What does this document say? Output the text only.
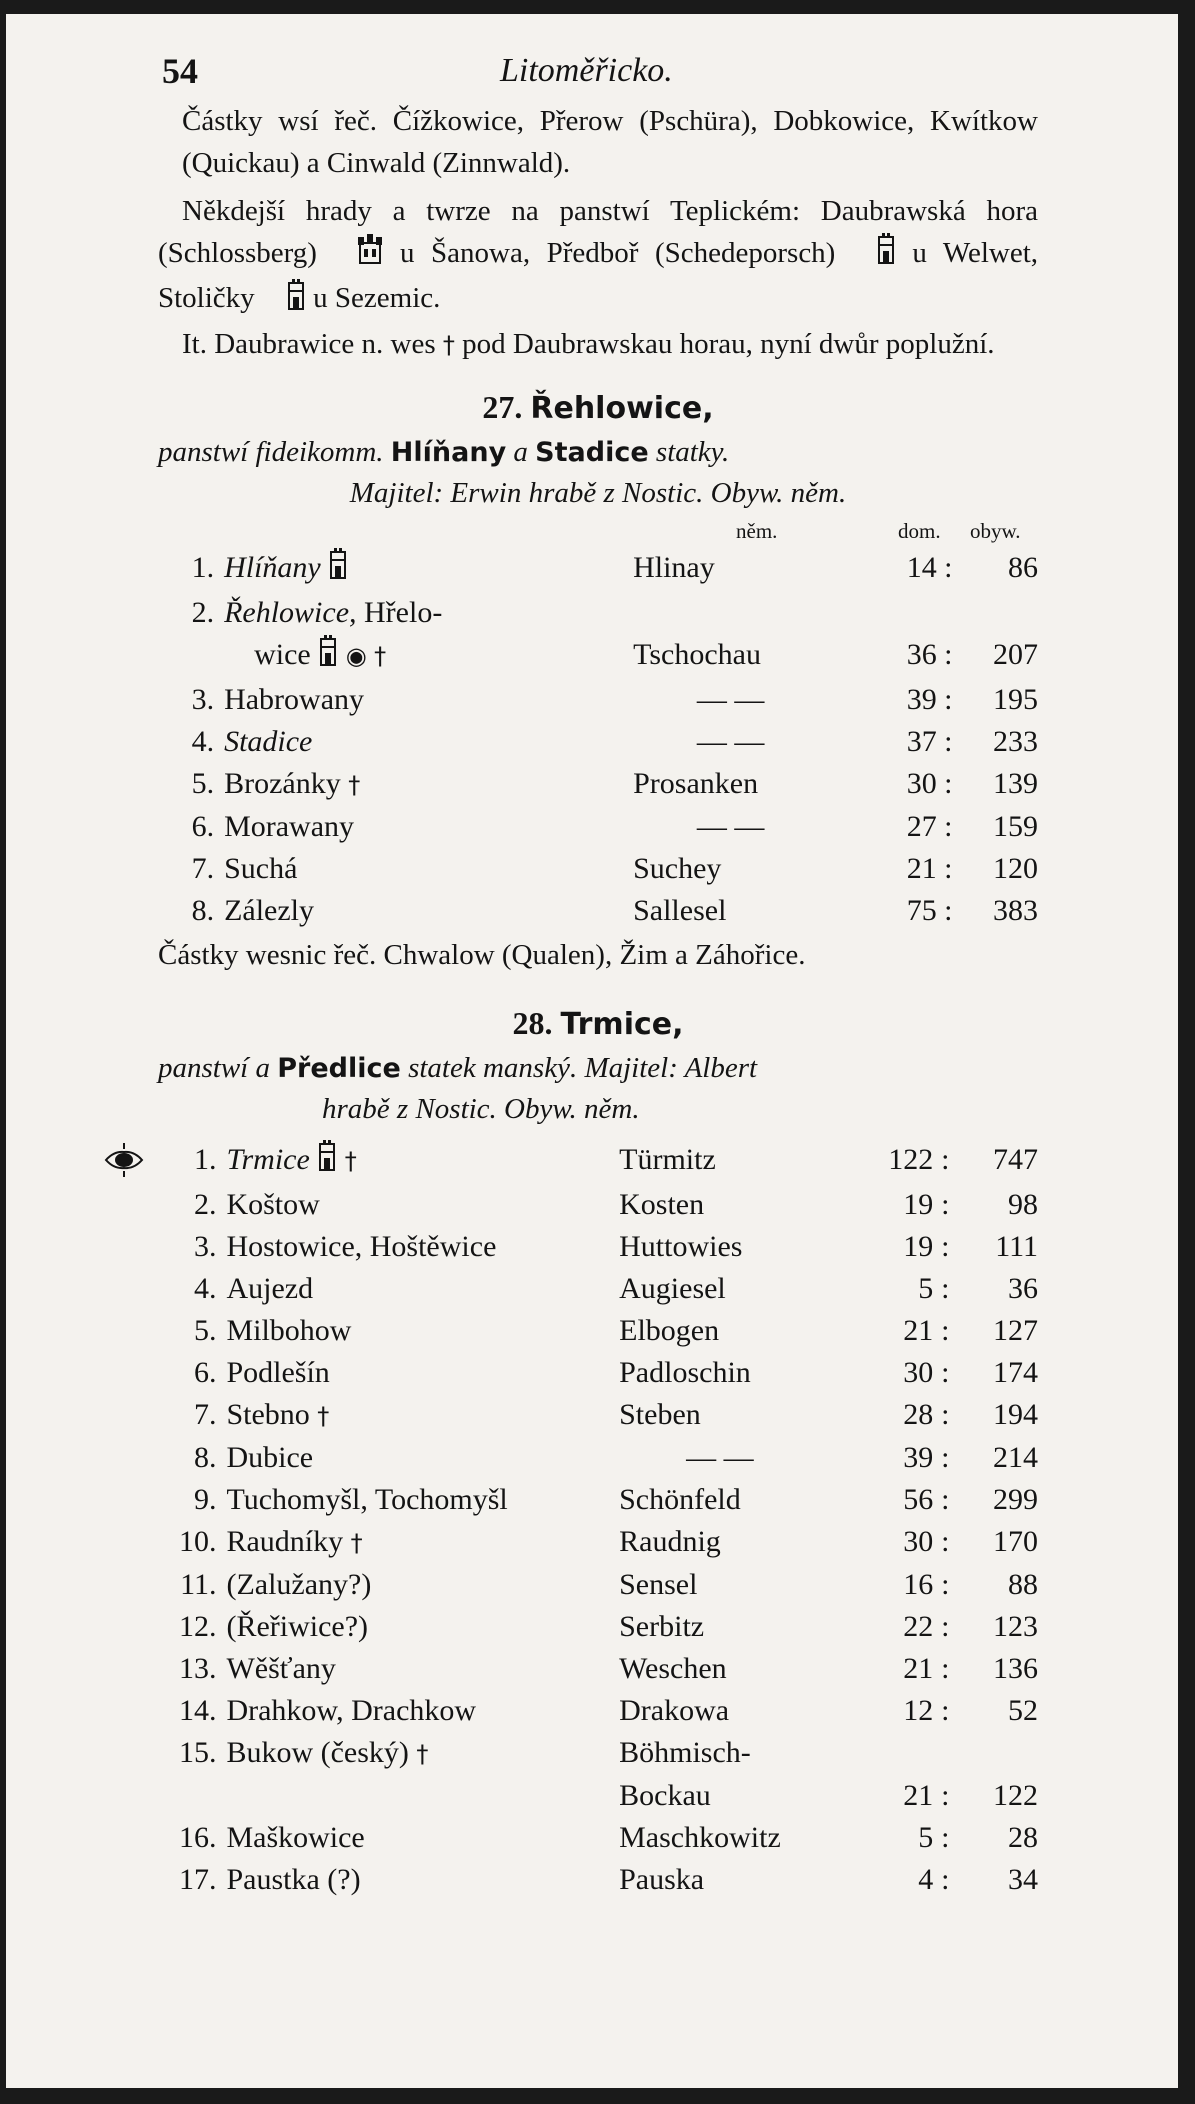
54	Litoměřicko.

Částky wsí řeč. Čížkowice, Přerow (Pschüra), Dobkowice, Kwítkow (Quickau) a Cinwald (Zinnwald).

Někdejší hrady a twrze na panstwí Teplickém: Daubrawská hora (Schlossberg)	u Šanowa, Předboř (Schedeporsch)	u Welwet, Stoličky u Sezemic.

It. Daubrawice n. wes † pod Daubrawskau horau, nyní dwůr poplužní.

27. Řehlowice,
panstwí fideikomm. Hlíňany a Stadice statky.
Majitel: Erwin hrabě z Nostic. Obyw. něm.
něm.	dom. obyw.
1.	Hlíňany	Hlinay	14	:	86
2.	Řehlowice, Hřelo-				
	wice ◉ †	Tschochau	36	:	207
3.	Habrowany	— —	39	:	195
4.	Stadice	— —	37	:	233
5.	Brozánky †	Prosanken	30	:	139
6.	Morawany	— —	27	:	159
7.	Suchá	Suchey	21	:	120
8.	Zálezly	Sallesel	75	:	383
Částky wesnic řeč. Chwalow (Qualen), Žim a Záhořice.
28. Trmice,
panstwí a Předlice statek manský. Majitel: Albert
hrabě z Nostic. Obyw. něm.
1.	Trmice †	Türmitz	122	:	747
2.	Koštow	Kosten	19	:	98
3.	Hostowice, Hoštěwice	Huttowies	19	:	111
4.	Aujezd	Augiesel	5	:	36
5.	Milbohow	Elbogen	21	:	127
6.	Podlešín	Padloschin	30	:	174
7.	Stebno †	Steben	28	:	194
8.	Dubice	— —	39	:	214
9.	Tuchomyšl, Tochomyšl	Schönfeld	56	:	299
10.	Raudníky †	Raudnig	30	:	170
11.	(Zalužany?)	Sensel	16	:	88
12.	(Řeřiwice?)	Serbitz	22	:	123
13.	Wěšťany	Weschen	21	:	136
14.	Drahkow, Drachkow	Drakowa	12	:	52
15.	Bukow (český) †	Böhmisch-			
		Bockau	21	:	122
16.	Maškowice	Maschkowitz	5	:	28
17.	Paustka (?)	Pauska	4	:	34
